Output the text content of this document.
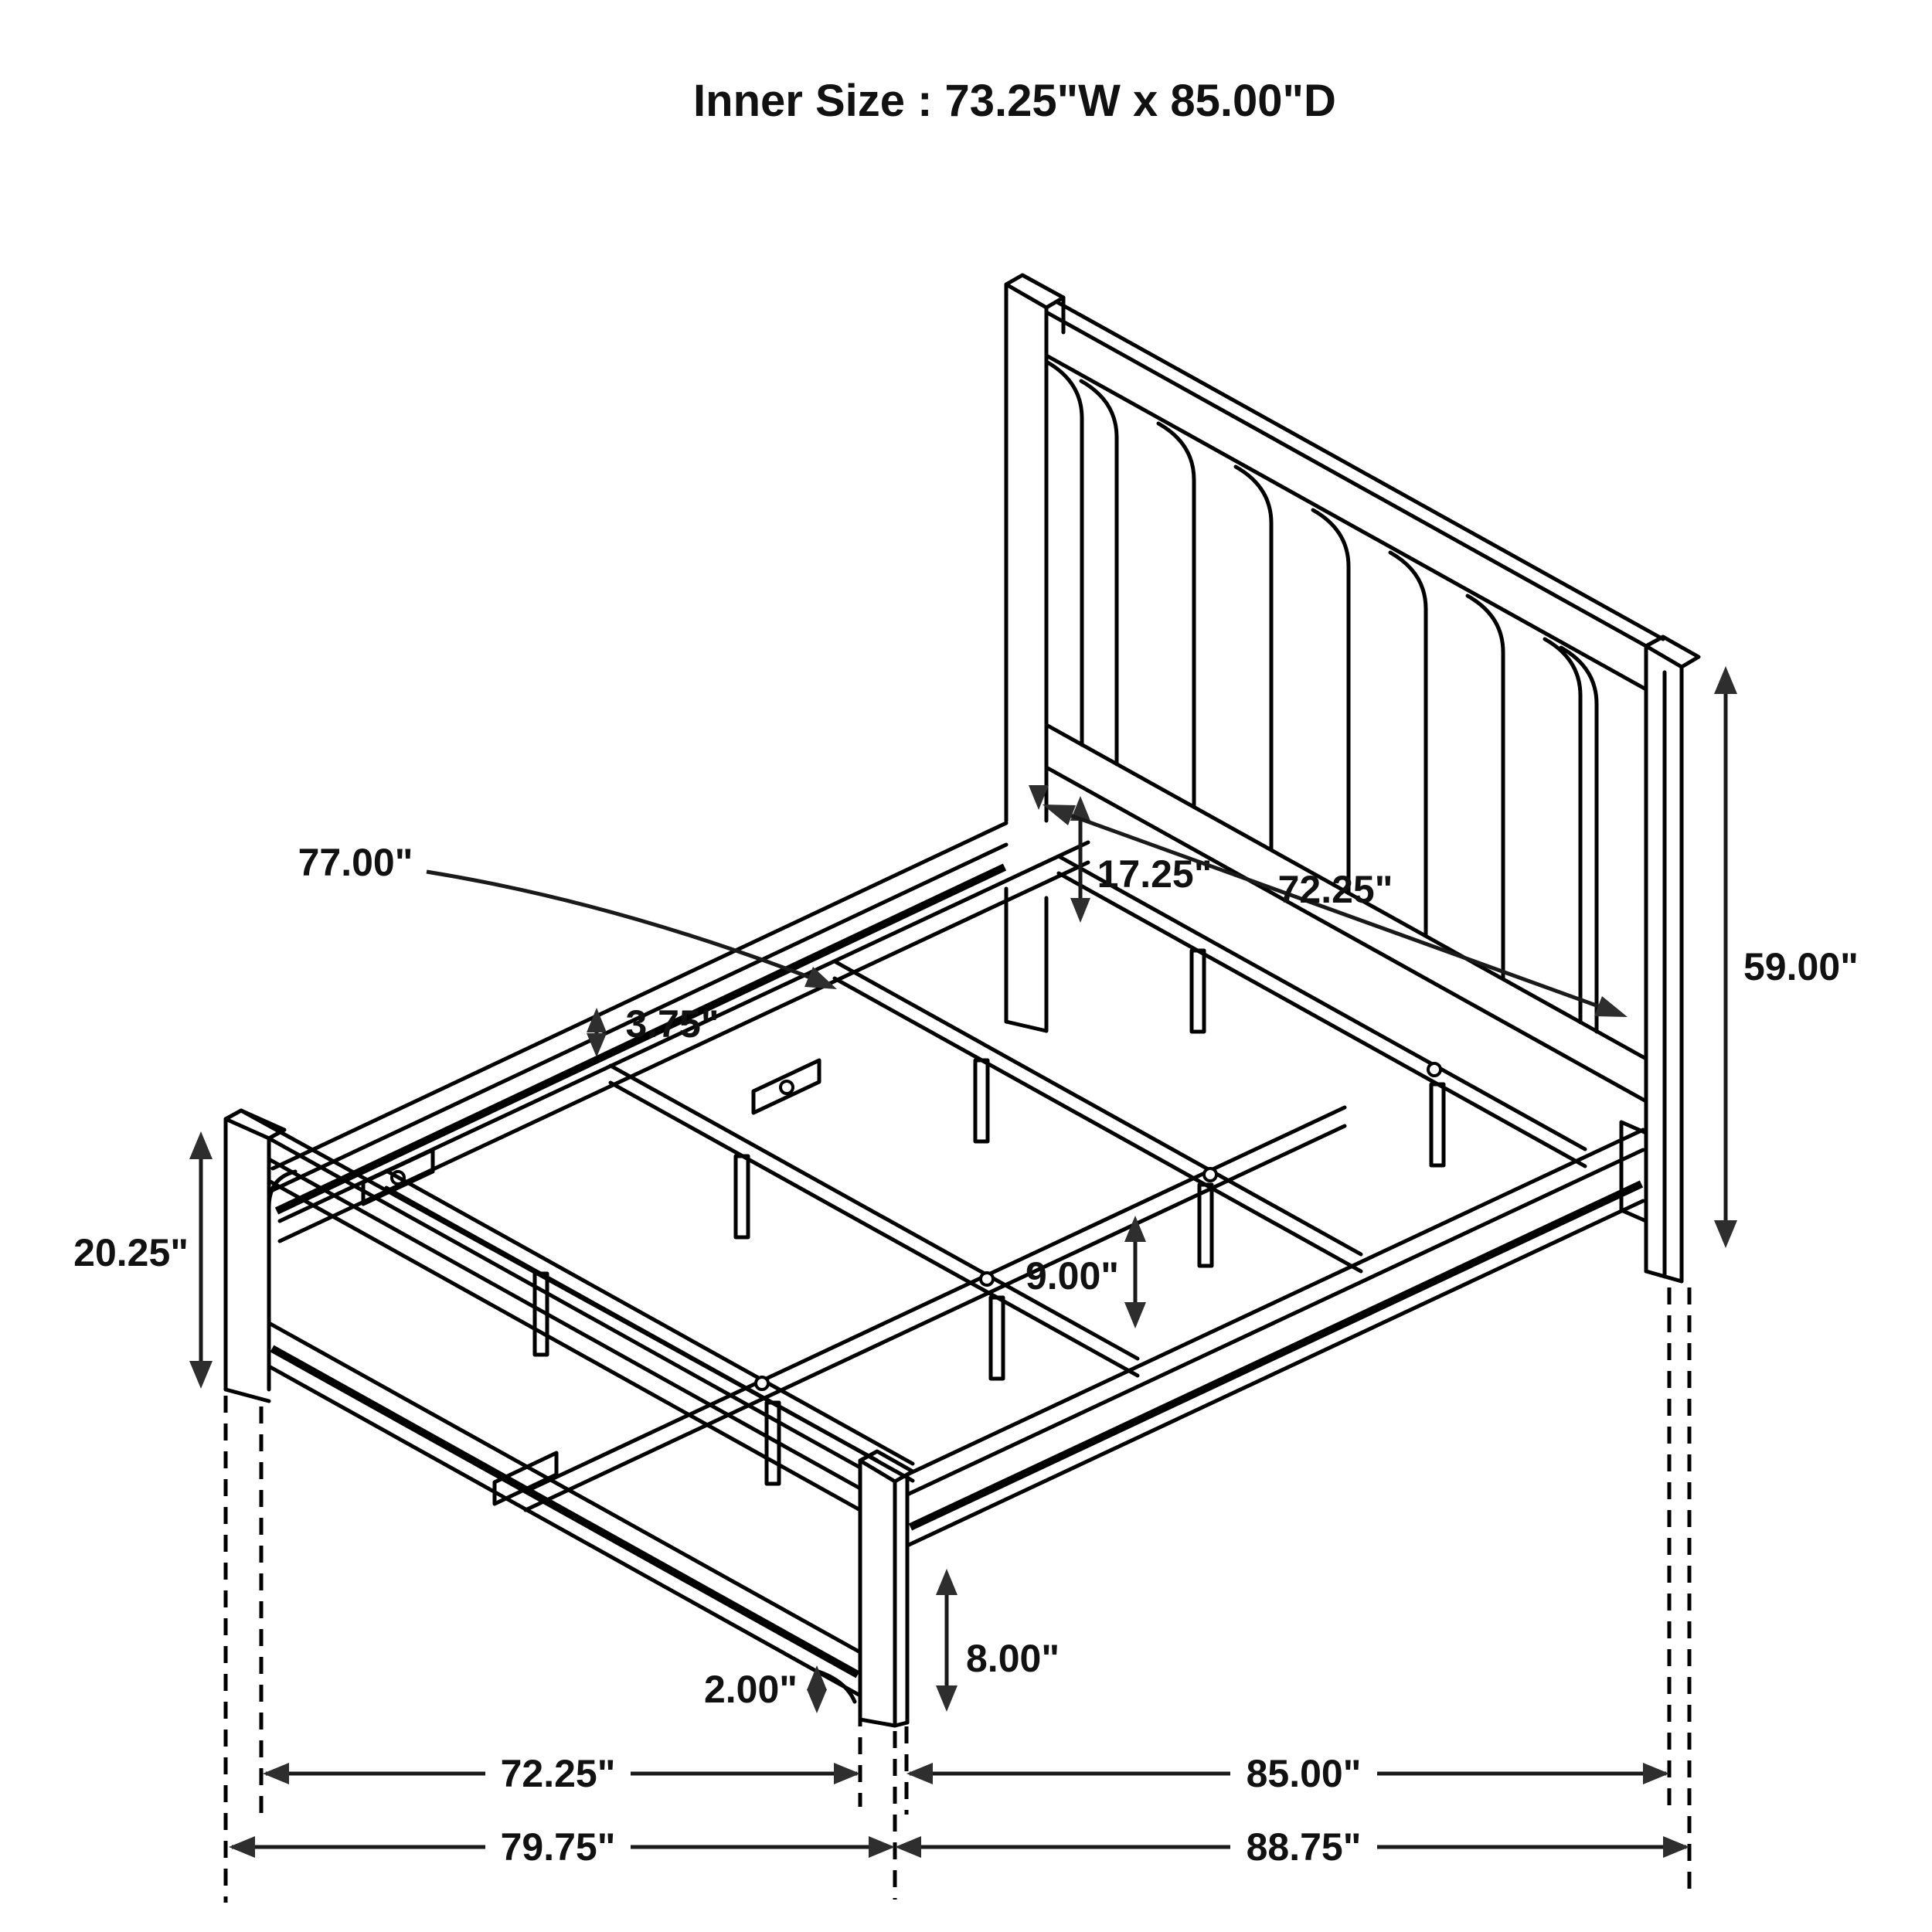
Inner Size : 73.25"W x 85.00"D
77.00"	17.25" 72.25"
3.75"
59.00"
20.25"
9.00"
8.00"
2.00"
72.25"	85.00"
79.75"	88.75"
